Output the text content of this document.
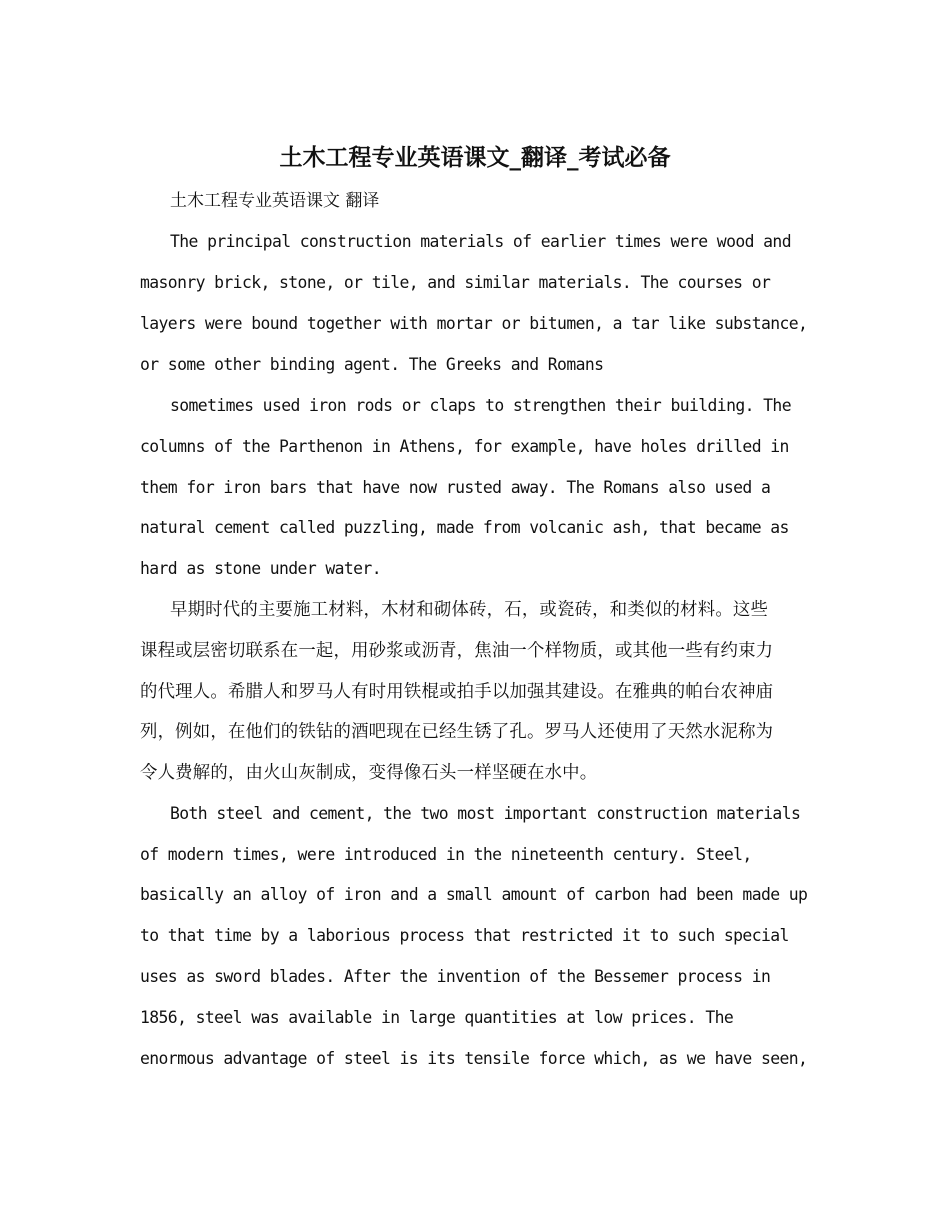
土木工程专业英语课文_翻译_考试必备
土木工程专业英语课文 翻译
The principal construction materials of earlier times were wood and
masonry brick, stone, or tile, and similar materials. The courses or
layers were bound together with mortar or bitumen, a tar like substance,
or some other binding agent. The Greeks and Romans
sometimes used iron rods or claps to strengthen their building. The
columns of the Parthenon in Athens, for example, have holes drilled in
them for iron bars that have now rusted away. The Romans also used a
natural cement called puzzling, made from volcanic ash, that became as
hard as stone under water.
早期时代的主要施工材料，木材和砌体砖，石，或瓷砖，和类似的材料。这些
课程或层密切联系在一起，用砂浆或沥青，焦油一个样物质，或其他一些有约束力
的代理人。希腊人和罗马人有时用铁棍或拍手以加强其建设。在雅典的帕台农神庙
列，例如，在他们的铁钻的酒吧现在已经生锈了孔。罗马人还使用了天然水泥称为
令人费解的，由火山灰制成，变得像石头一样坚硬在水中。
Both steel and cement, the two most important construction materials
of modern times, were introduced in the nineteenth century. Steel,
basically an alloy of iron and a small amount of carbon had been made up
to that time by a laborious process that restricted it to such special
uses as sword blades. After the invention of the Bessemer process in
1856, steel was available in large quantities at low prices. The
enormous advantage of steel is its tensile force which, as we have seen,
